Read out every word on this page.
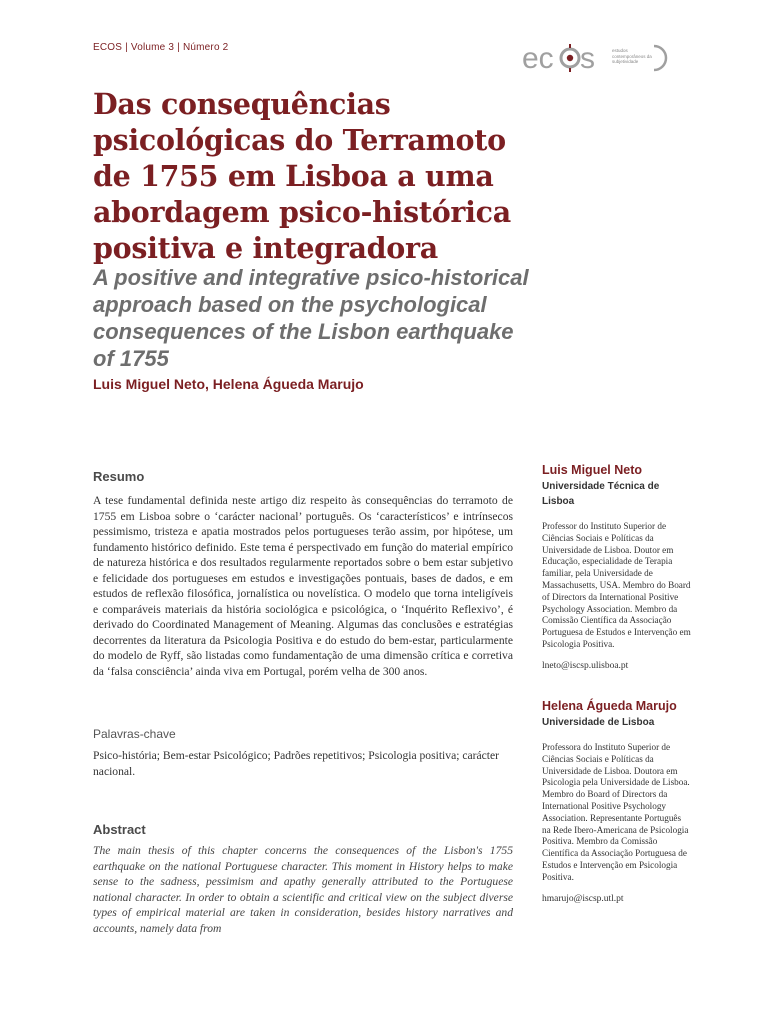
ECOS | Volume 3 | Número 2	ec s	estudos contemporâneos da subjetividade
Das consequências psicológicas do Terramoto de 1755 em Lisboa a uma abordagem psico-histórica positiva e integradora
A positive and integrative psico-historical approach based on the psychological consequences of the Lisbon earthquake of 1755
Luis Miguel Neto, Helena Águeda Marujo
Resumo

A tese fundamental definida neste artigo diz respeito às consequências do terramoto de 1755 em Lisboa sobre o ‘carácter nacional’ português. Os ‘característicos’ e intrínsecos pessimismo, tristeza e apatia mostrados pelos portugueses terão assim, por hipótese, um fundamento histórico definido. Este tema é perspectivado em função do material empírico de natureza histórica e dos resultados regularmente reportados sobre o bem estar subjetivo e felicidade dos portugueses em estudos e investigações pontuais, bases de dados, e em estudos de reflexão filosófica, jornalística ou novelística. O modelo que torna inteligíveis e comparáveis materiais da história sociológica e psicológica, o ‘Inquérito Reflexivo’, é derivado do Coordinated Management of Meaning. Algumas das conclusões e estratégias decorrentes da literatura da Psicologia Positiva e do estudo do bem-estar, particularmente do modelo de Ryff, são listadas como fundamentação de uma dimensão crítica e corretiva da ‘falsa consciência’ ainda viva em Portugal, porém velha de 300 anos.

Palavras-chave

Psico-história; Bem-estar Psicológico; Padrões repetitivos; Psicologia positiva; carácter nacional.

Abstract

The main thesis of this chapter concerns the consequences of the Lisbon's 1755 earthquake on the national Portuguese character. This moment in History helps to make sense to the sadness, pessimism and apathy generally attributed to the Portuguese national character. In order to obtain a scientific and critical view on the subject diverse types of empirical material are taken in consideration, besides history narratives and accounts, namely data from

Luis Miguel Neto
Universidade Técnica de Lisboa
Professor do Instituto Superior de Ciências Sociais e Políticas da Universidade de Lisboa. Doutor em Educação, especialidade de Terapia familiar, pela Universidade de Massachusetts, USA. Membro do Board of Directors da International Positive Psychology Association. Membro da Comissão Científica da Associação Portuguesa de Estudos e Intervenção em Psicologia Positiva.
lneto@iscsp.ulisboa.pt
Helena Águeda Marujo
Universidade de Lisboa
Professora do Instituto Superior de Ciências Sociais e Políticas da Universidade de Lisboa. Doutora em Psicologia pela Universidade de Lisboa. Membro do Board of Directors da International Positive Psychology Association. Representante Português na Rede Ibero-Americana de Psicologia Positiva. Membro da Comissão Científica da Associação Portuguesa de Estudos e Intervenção em Psicologia Positiva.
hmarujo@iscsp.utl.pt
